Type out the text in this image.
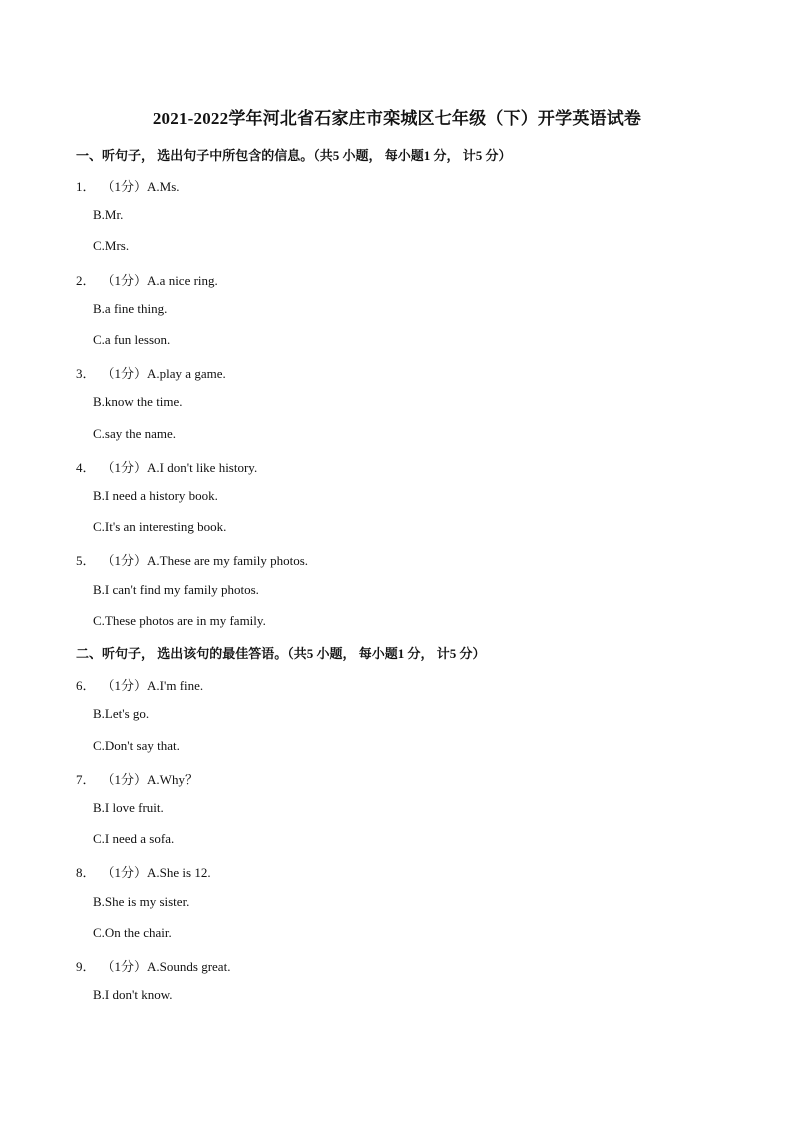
2021-2022学年河北省石家庄市栾城区七年级（下）开学英语试卷
一、听句子， 选出句子中所包含的信息。（共5 小题， 每小题1 分， 计5 分）
1． （1分）A.Ms.
B.Mr.
C.Mrs.
2． （1分）A.a nice ring.
B.a fine thing.
C.a fun lesson.
3． （1分）A.play a game.
B.know the time.
C.say the name.
4． （1分）A.I don't like history.
B.I need a history book.
C.It's an interesting book.
5． （1分）A.These are my family photos.
B.I can't find my family photos.
C.These photos are in my family.
二、听句子， 选出该句的最佳答语。（共5 小题， 每小题1 分， 计5 分）
6． （1分）A.I'm fine.
B.Let's go.
C.Don't say that.
7． （1分）A.Why？
B.I love fruit.
C.I need a sofa.
8． （1分）A.She is 12.
B.She is my sister.
C.On the chair.
9． （1分）A.Sounds great.
B.I don't know.
